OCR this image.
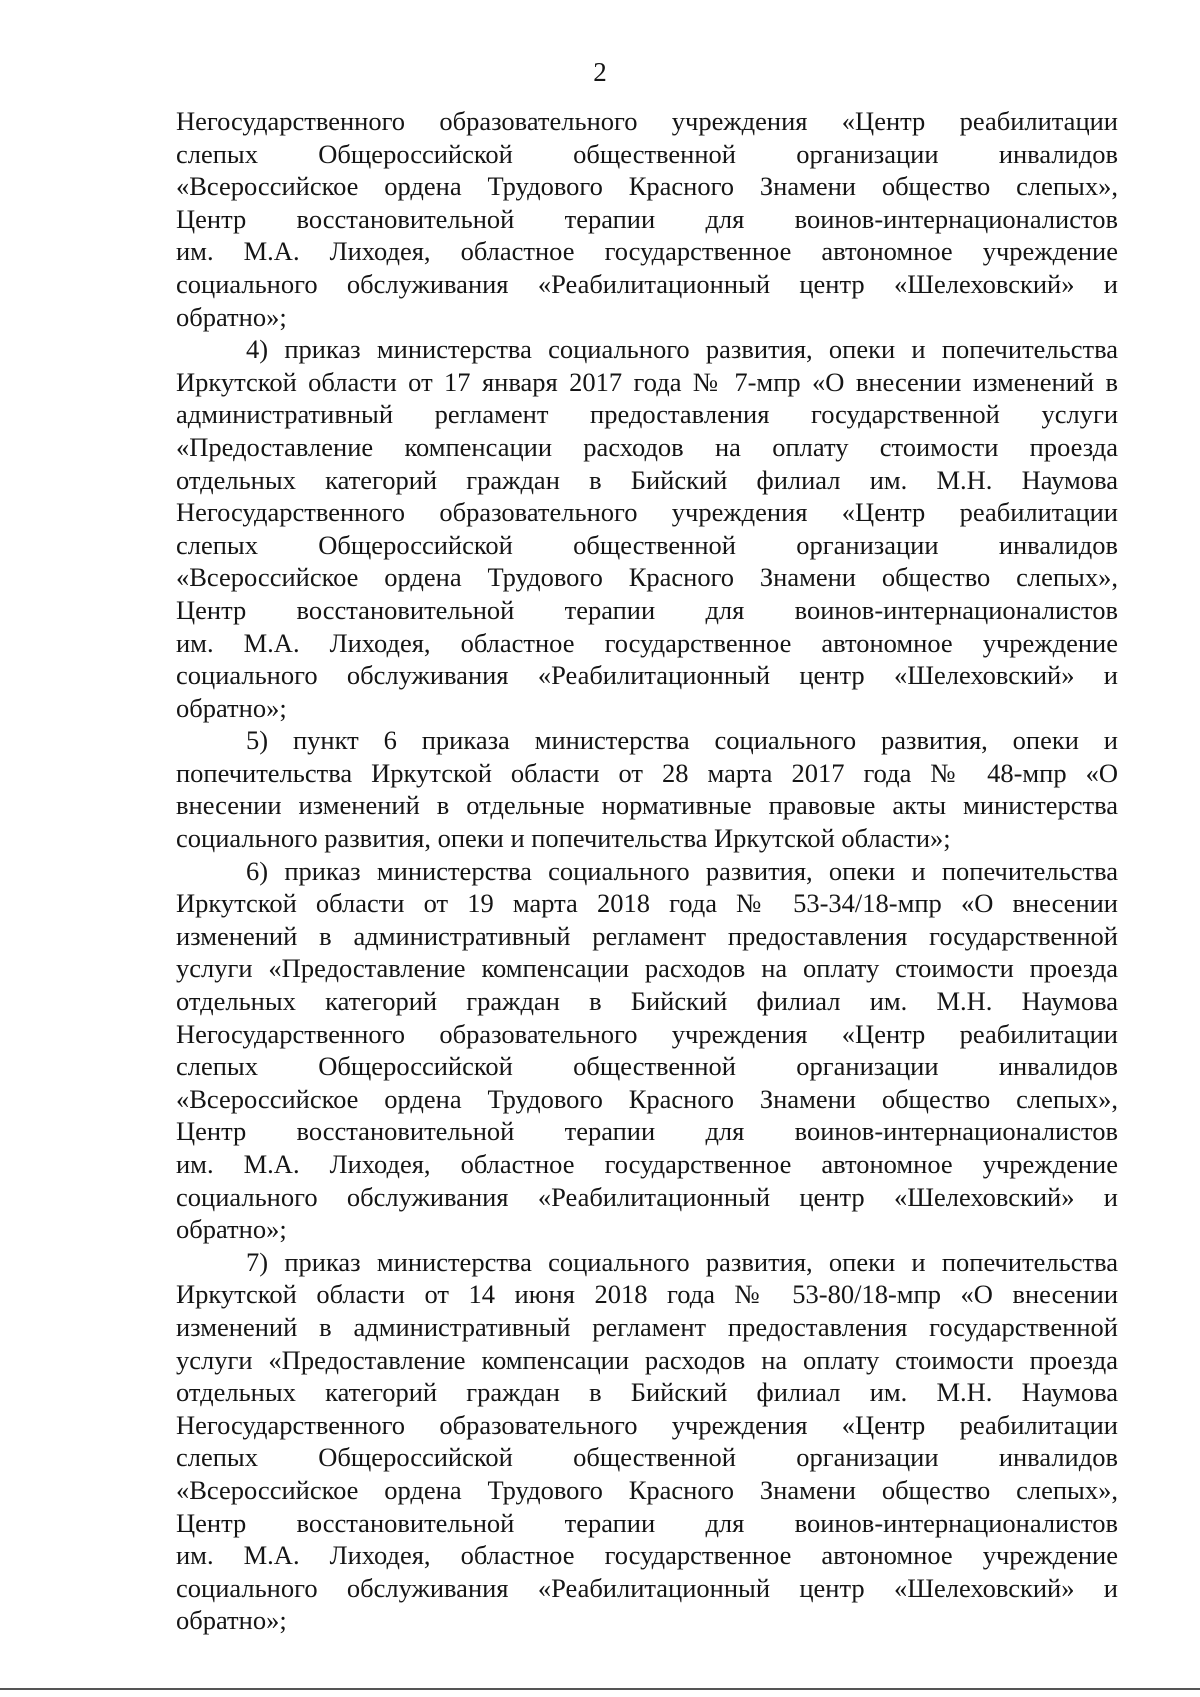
2
Негосударственного образовательного учреждения «Центр реабилитации
слепых Общероссийской общественной организации инвалидов
«Всероссийское ордена Трудового Красного Знамени общество слепых»,
Центр восстановительной терапии для воинов-интернационалистов
им. М.А. Лиходея, областное государственное автономное учреждение
социального обслуживания «Реабилитационный центр «Шелеховский» и
обратно»;
4) приказ министерства социального развития, опеки и попечительства
Иркутской области от 17 января 2017 года № 7-мпр «О внесении изменений в
административный регламент предоставления государственной услуги
«Предоставление компенсации расходов на оплату стоимости проезда
отдельных категорий граждан в Бийский филиал им. М.Н. Наумова
Негосударственного образовательного учреждения «Центр реабилитации
слепых Общероссийской общественной организации инвалидов
«Всероссийское ордена Трудового Красного Знамени общество слепых»,
Центр восстановительной терапии для воинов-интернационалистов
им. М.А. Лиходея, областное государственное автономное учреждение
социального обслуживания «Реабилитационный центр «Шелеховский» и
обратно»;
5) пункт 6 приказа министерства социального развития, опеки и
попечительства Иркутской области от 28 марта 2017 года № 48-мпр «О
внесении изменений в отдельные нормативные правовые акты министерства
социального развития, опеки и попечительства Иркутской области»;
6) приказ министерства социального развития, опеки и попечительства
Иркутской области от 19 марта 2018 года № 53-34/18-мпр «О внесении
изменений в административный регламент предоставления государственной
услуги «Предоставление компенсации расходов на оплату стоимости проезда
отдельных категорий граждан в Бийский филиал им. М.Н. Наумова
Негосударственного образовательного учреждения «Центр реабилитации
слепых Общероссийской общественной организации инвалидов
«Всероссийское ордена Трудового Красного Знамени общество слепых»,
Центр восстановительной терапии для воинов-интернационалистов
им. М.А. Лиходея, областное государственное автономное учреждение
социального обслуживания «Реабилитационный центр «Шелеховский» и
обратно»;
7) приказ министерства социального развития, опеки и попечительства
Иркутской области от 14 июня 2018 года № 53-80/18-мпр «О внесении
изменений в административный регламент предоставления государственной
услуги «Предоставление компенсации расходов на оплату стоимости проезда
отдельных категорий граждан в Бийский филиал им. М.Н. Наумова
Негосударственного образовательного учреждения «Центр реабилитации
слепых Общероссийской общественной организации инвалидов
«Всероссийское ордена Трудового Красного Знамени общество слепых»,
Центр восстановительной терапии для воинов-интернационалистов
им. М.А. Лиходея, областное государственное автономное учреждение
социального обслуживания «Реабилитационный центр «Шелеховский» и
обратно»;
